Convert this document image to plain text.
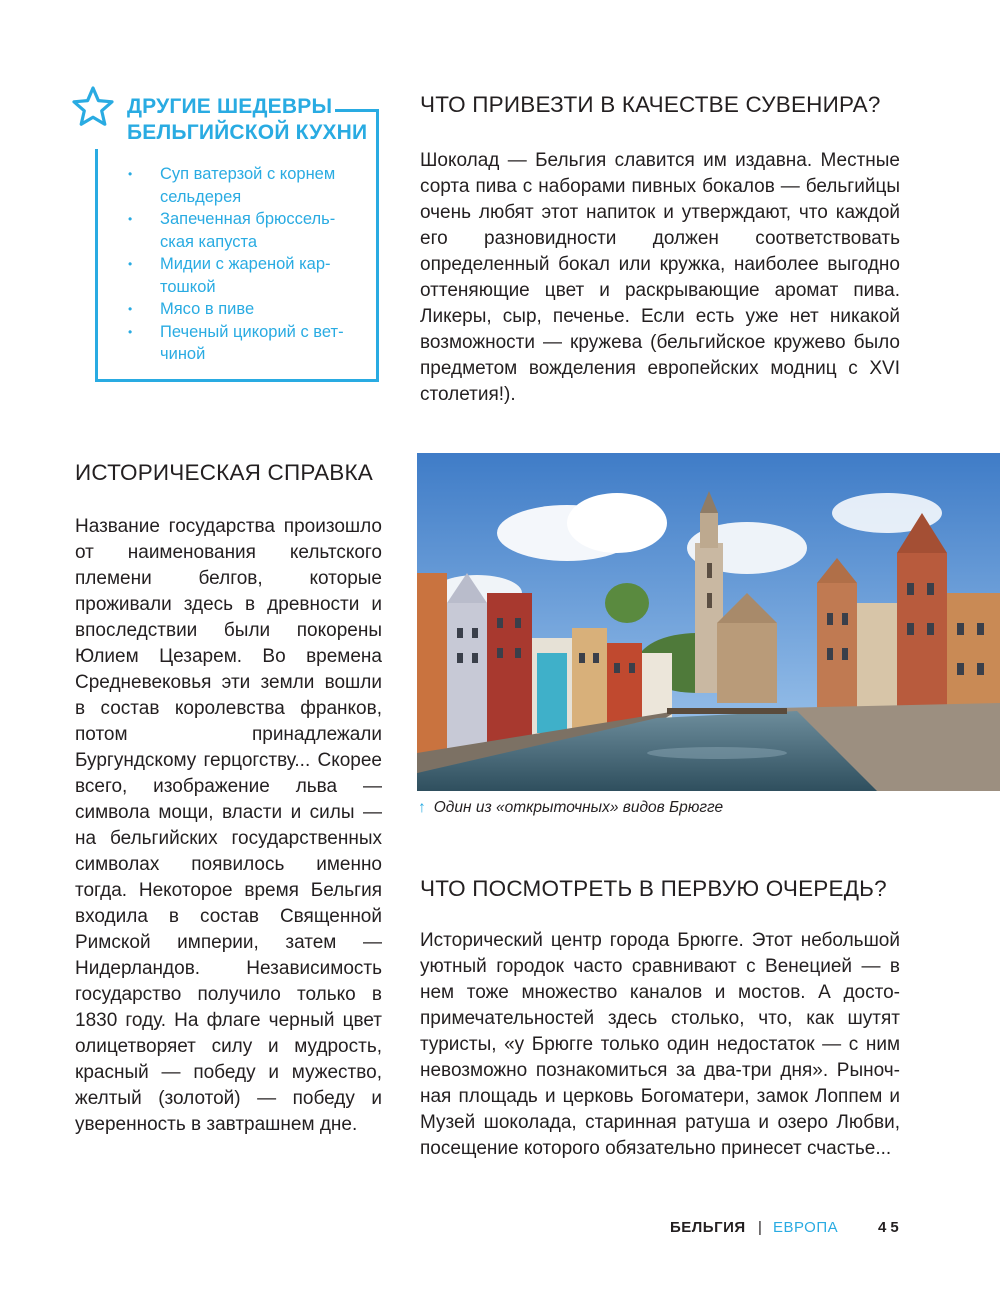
ДРУГИЕ ШЕДЕВРЫ
БЕЛЬГИЙСКОЙ КУХНИ
• Суп ватерзой с корнем сельдерея
• Запеченная брюссель-ская капуста
• Мидии с жареной кар-тошкой
• Мясо в пиве
• Печеный цикорий с вет-чиной
ЧТО ПРИВЕЗТИ В КАЧЕСТВЕ СУВЕНИРА?
Шоколад — Бельгия славится им издавна. Местные сорта пива с наборами пивных бокалов — бельгийцы очень любят этот напиток и утверждают, что каждой его разновидности должен соответствовать определенный бокал или кружка, наиболее выгодно оттеняющие цвет и раскрывающие аромат пива. Ликеры, сыр, печенье. Если есть уже нет никакой возможности — кружева (бельгийское кружево было предметом вожделения европейских модниц с XVI столетия!).
ИСТОРИЧЕСКАЯ СПРАВКА
Название государства произошло от наименования кельтского племени белгов, которые проживали здесь в древности и впоследствии были покорены Юлием Цезарем. Во времена Средневековья эти земли вошли в состав королевства франков, потом принадлежали Бургундскому герцогству... Скорее всего, изображение льва — символа мощи, власти и силы — на бельгийских государственных символах появилось именно тогда. Некоторое время Бельгия входила в состав Священной Римской империи, затем — Нидерландов. Независимость государство получило только в 1830 году. На флаге черный цвет олицетворяет силу и мудрость, красный — победу и мужество, желтый (золотой) — победу и уверенность в завтрашнем дне.
↑ Один из «открыточных» видов Брюгге
ЧТО ПОСМОТРЕТЬ В ПЕРВУЮ ОЧЕРЕДЬ?
Исторический центр города Брюгге. Этот небольшой уютный городок часто сравнивают с Венецией — в нем тоже множество каналов и мостов. А достопримечательностей здесь столько, что, как шутят туристы, «у Брюгге только один недостаток — с ним невозможно познакомиться за два-три дня». Рыночная площадь и церковь Богоматери, замок Лоппем и Музей шоколада, старинная ратуша и озеро Любви, посещение которого обязательно принесет счастье...
БЕЛЬГИЯ | ЕВРОПА	45
